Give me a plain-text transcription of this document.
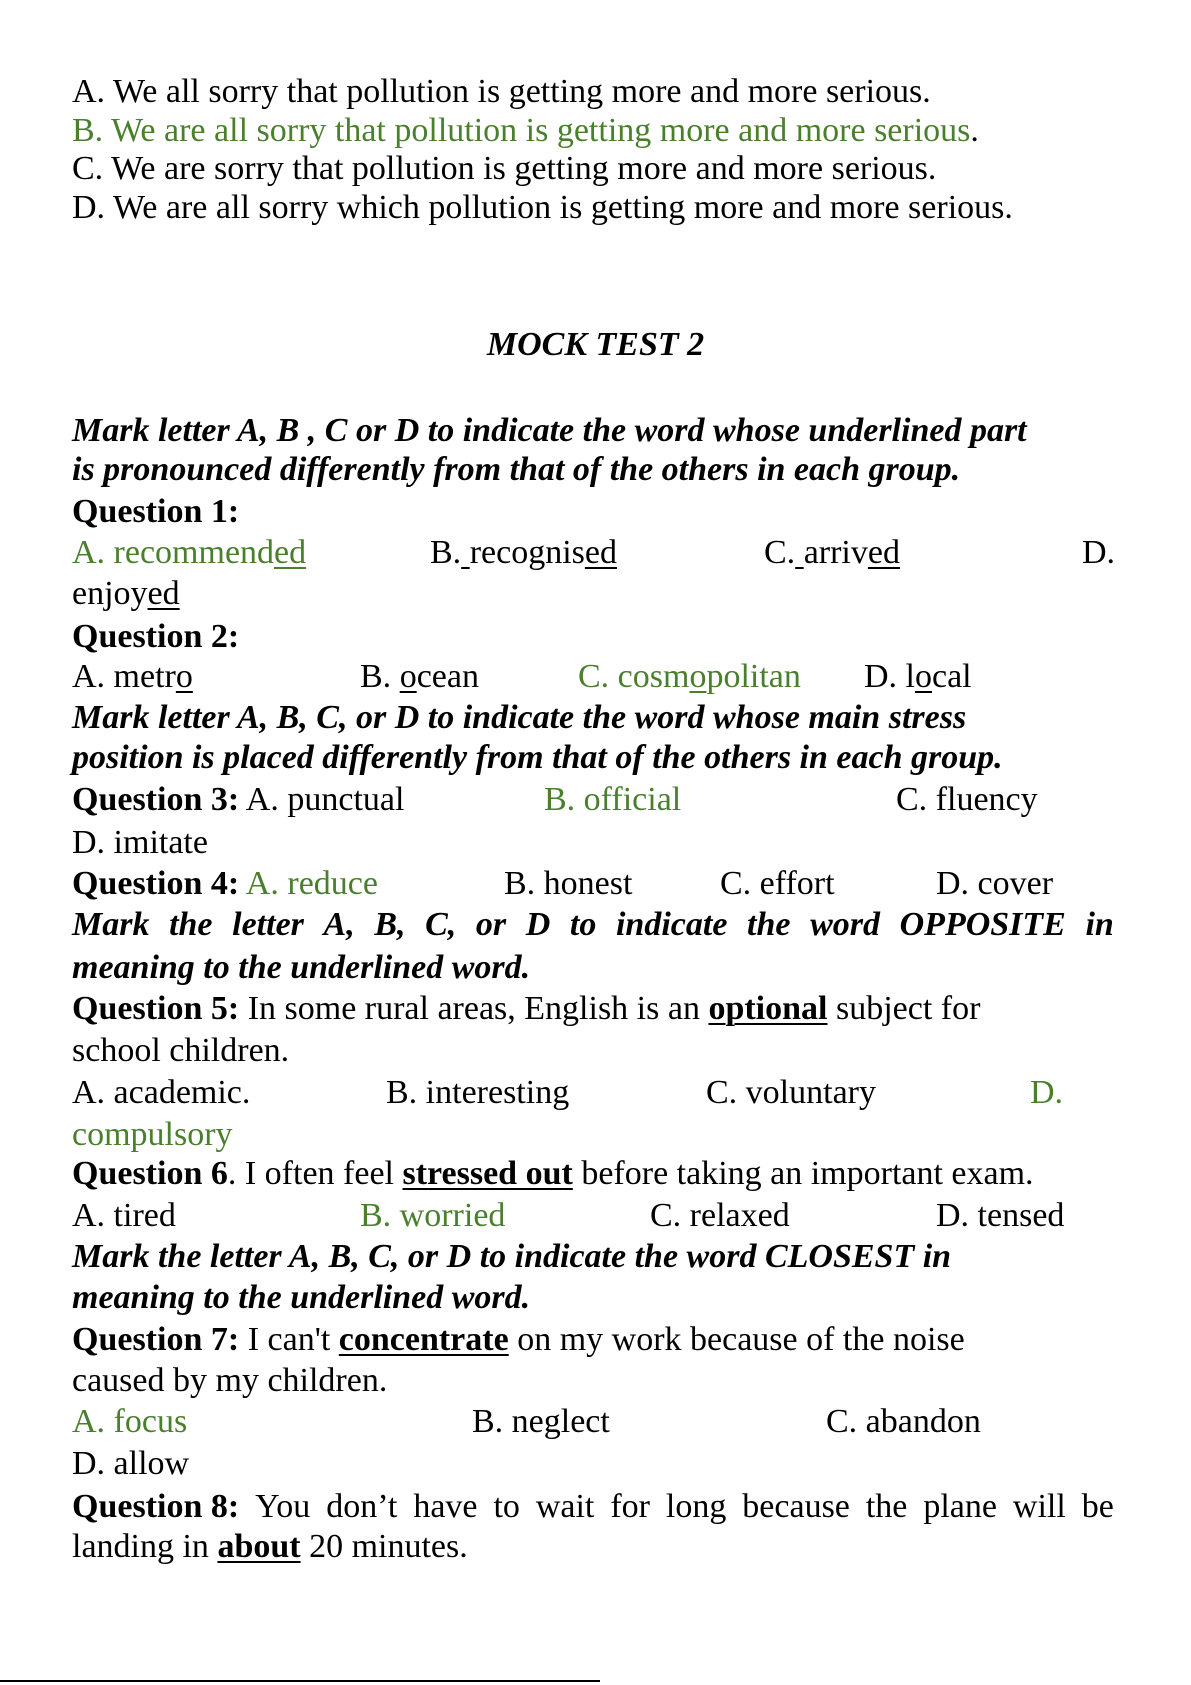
A. We all sorry that pollution is getting more and more serious.
B. We are all sorry that pollution is getting more and more serious.
C. We are sorry that pollution is getting more and more serious.
D. We are all sorry which pollution is getting more and more serious.
MOCK TEST 2
Mark letter A, B , C or D to indicate the word whose underlined part
is pronounced differently from that of the others in each group.
Question 1:
A. recommended	B. recognised	C. arrived	D.
enjoyed
Question 2:
A. metro	B. ocean	C. cosmopolitan D. local
Mark letter A, B, C, or D to indicate the word whose main stress
position is placed differently from that of the others in each group.
Question 3: A. punctual	B. official	C. fluency
D. imitate
Question 4: A. reduce	B. honest	C. effort	D. cover
Mark the letter A, B, C, or D to indicate the word OPPOSITE in
meaning to the underlined word.
Question 5: In some rural areas, English is an optional subject for
school children.
A. academic.	B. interesting	C. voluntary	D.
compulsory
Question 6. I often feel stressed out before taking an important exam.
A. tired	B. worried	C. relaxed	D. tensed
Mark the letter A, B, C, or D to indicate the word CLOSEST in
meaning to the underlined word.
Question 7: I can't concentrate on my work because of the noise
caused by my children.
A. focus	B. neglect	C. abandon
D. allow
Question 8: You don’t have to wait for long because the plane will be
landing in about 20 minutes.
